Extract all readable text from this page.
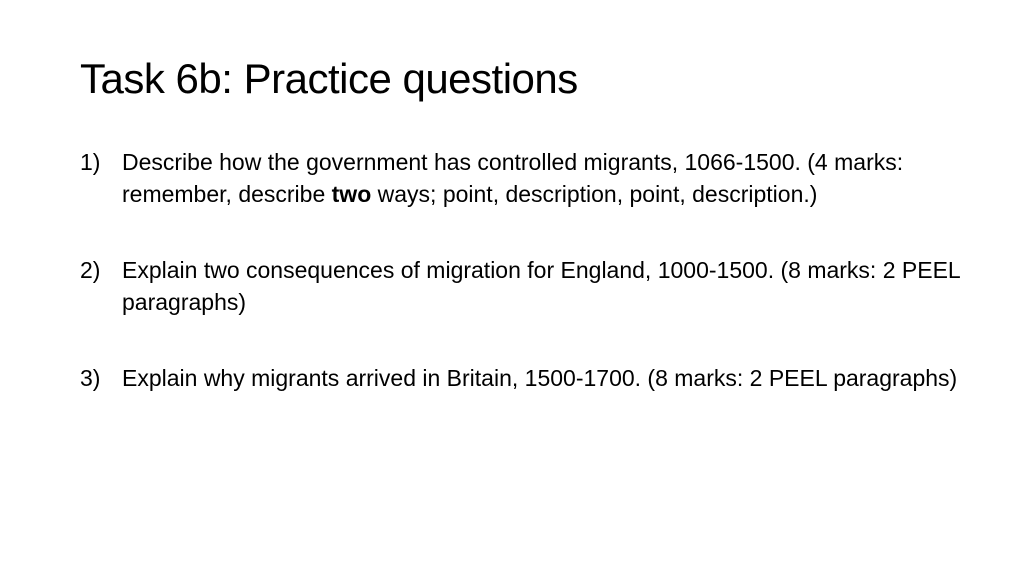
Task 6b: Practice questions
1) Describe how the government has controlled migrants, 1066-1500. (4 marks: remember, describe two ways; point, description, point, description.)
2) Explain two consequences of migration for England, 1000-1500. (8 marks: 2 PEEL paragraphs)
3) Explain why migrants arrived in Britain, 1500-1700. (8 marks: 2 PEEL paragraphs)
